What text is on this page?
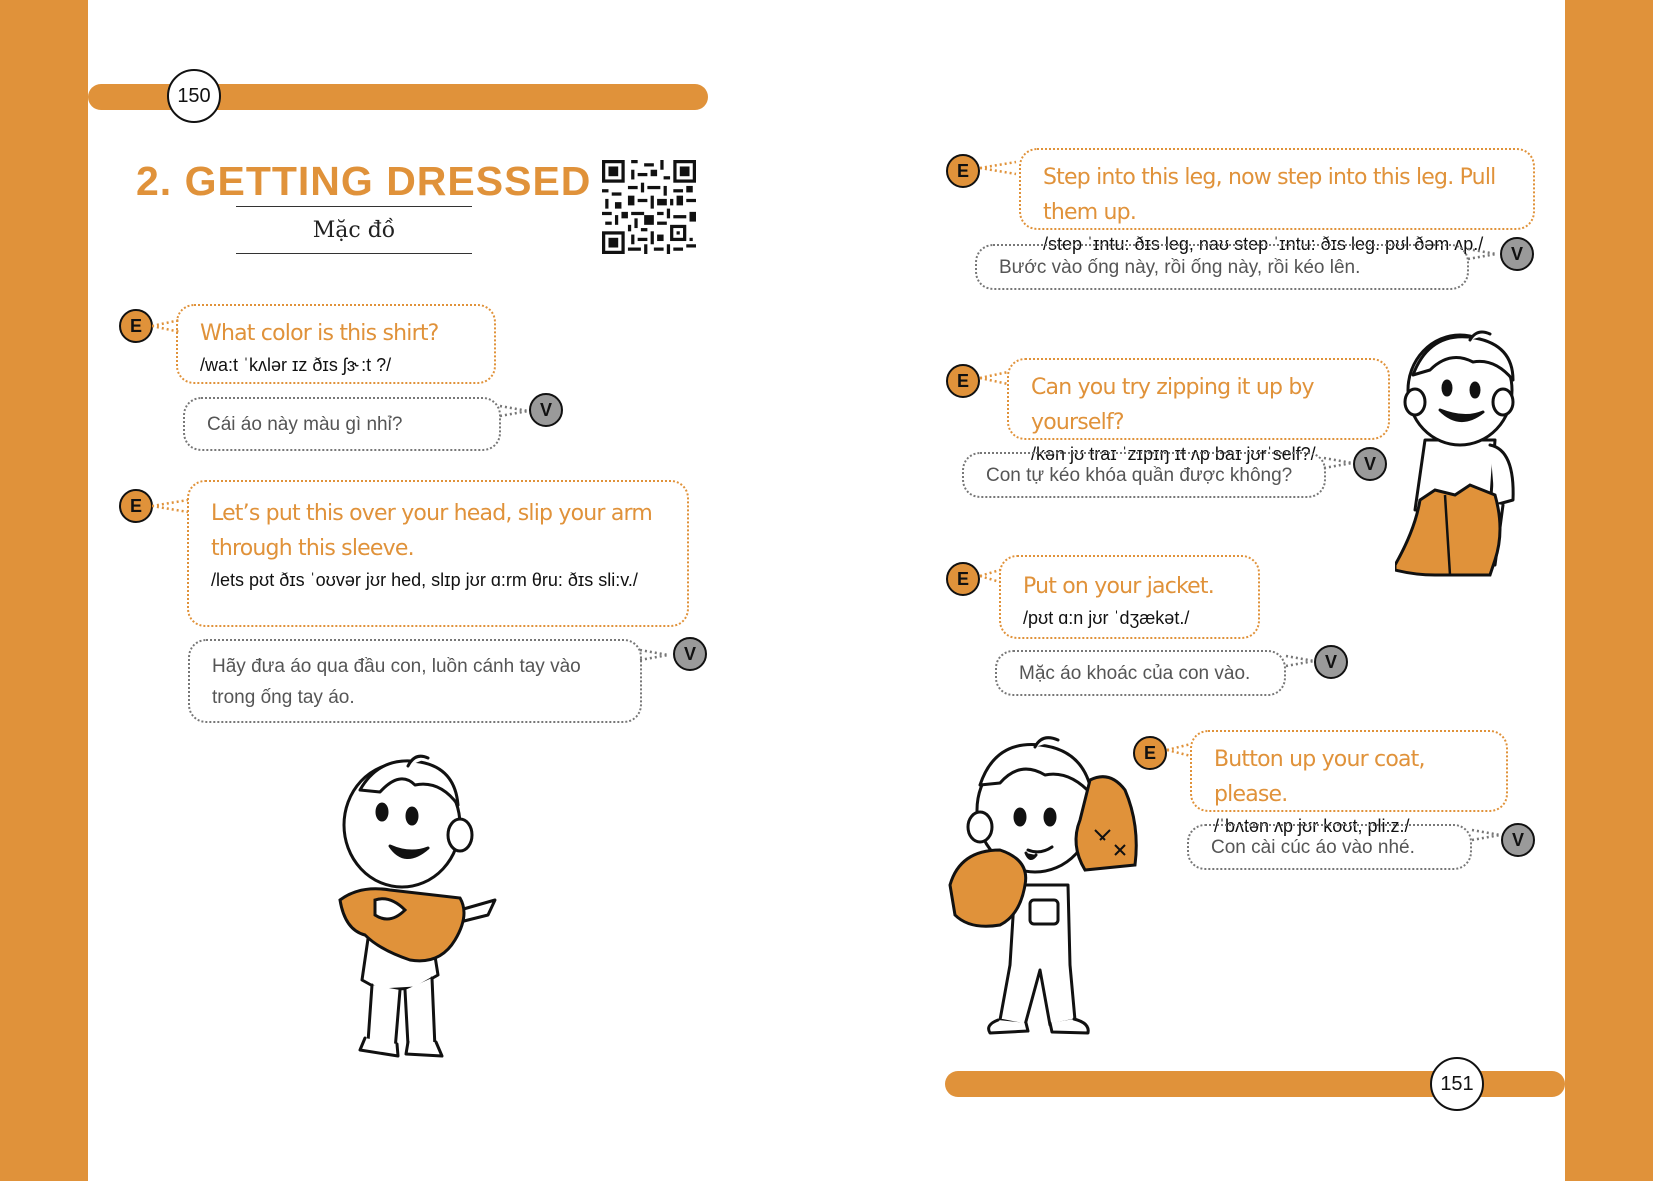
150
2. GETTING DRESSED
Mặc đồ
E	What color is this shirt?
/wa:t ˈkʌlər ɪz ðɪs ʃɜ˞:t ?/
Cái áo này màu gì nhỉ?
V
E	Let’s put this over your head, slip your arm through this sleeve.
/lets pʊt ðɪs ˈoʊvər jʊr hed, slɪp jʊr ɑ:rm θru: ðɪs sli:v./
Hãy đưa áo qua đầu con, luồn cánh tay vào trong ống tay áo.
V
E	Step into this leg, now step into this leg. Pull them up.
/step ˈɪntu: ðɪs leg, naʊ step ˈɪntu: ðɪs leg. pʊl ðəm ʌp./
Bước vào ống này, rồi ống này, rồi kéo lên.
V
E	Can you try zipping it up by yourself?
/kən jʊ traɪ ˈzɪpɪŋ ɪt ʌp baɪ jʊrˈself?/
Con tự kéo khóa quần được không?
V
E	Put on your jacket.
/pʊt ɑ:n jʊr ˈdʒækət./
Mặc áo khoác của con vào.
V
E	Button up your coat, please.
/ˈbʌtən ʌp jʊr koʊt, pli:z./
Con cài cúc áo vào nhé.	V
151
